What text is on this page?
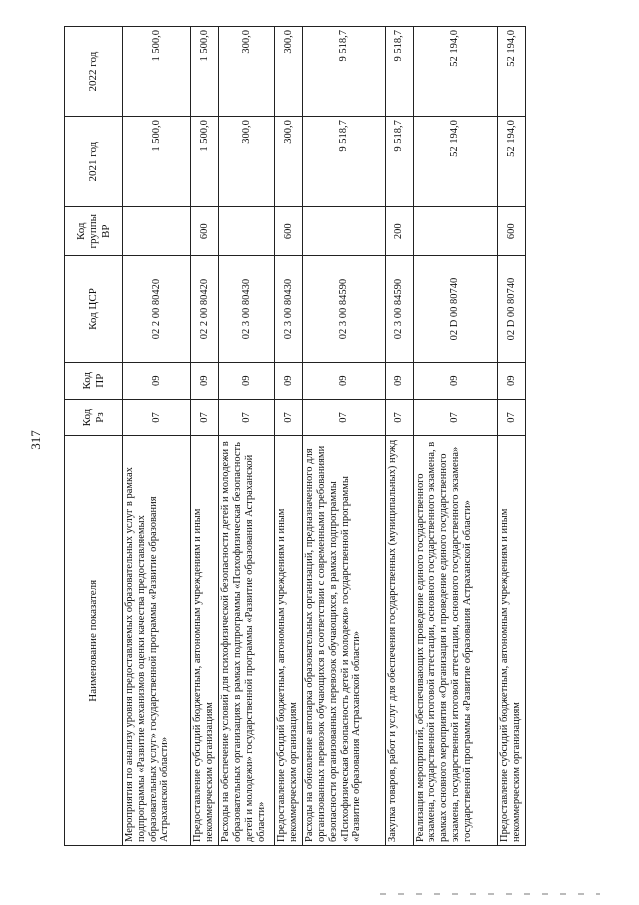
317
Наименование показателя	Код Рз	Код ПР	Код ЦСР	Код группы ВР	2021 год	2022 год
Мероприятия по анализу уровня предоставляемых образовательных услуг в рамках подпрограммы «Развитие механизмов оценки качества предоставляемых образовательных услуг» государственной программы «Развитие образования Астраханской области»	07	09	02 2 00 80420		1 500,0	1 500,0
Предоставление субсидий бюджетным, автономным учреждениям и иным некоммерческим организациям	07	09	02 2 00 80420	600	1 500,0	1 500,0
Расходы на обеспечение условий для психофизической безопасности детей и молодежи в образовательных организациях в рамках подпрограммы «Психофизическая безопасность детей и молодежи» государственной программы «Развитие образования Астраханской области»	07	09	02 3 00 80430		300,0	300,0
Предоставление субсидий бюджетным, автономным учреждениям и иным некоммерческим организациям	07	09	02 3 00 80430	600	300,0	300,0
Расходы на обновление автопарка образовательных организаций, предназначенного для организованных перевозок обучающихся в соответствии с современными требованиями безопасности организованных перевозок обучающихся, в рамках подпрограммы «Психофизическая безопасность детей и молодежи» государственной программы «Развитие образования Астраханской области»	07	09	02 3 00 84590		9 518,7	9 518,7
Закупка товаров, работ и услуг для обеспечения государственных (муниципальных) нужд	07	09	02 3 00 84590	200	9 518,7	9 518,7
Реализация мероприятий, обеспечивающих проведение единого государственного экзамена, государственной итоговой аттестации, основного государственного экзамена, в рамках основного мероприятия «Организация и проведение единого государственного экзамена, государственной итоговой аттестации, основного государственного экзамена» государственной программы «Развитие образования Астраханской области»	07	09	02 D 00 80740		52 194,0	52 194,0
Предоставление субсидий бюджетным, автономным учреждениям и иным некоммерческим организациям	07	09	02 D 00 80740	600	52 194,0	52 194,0
